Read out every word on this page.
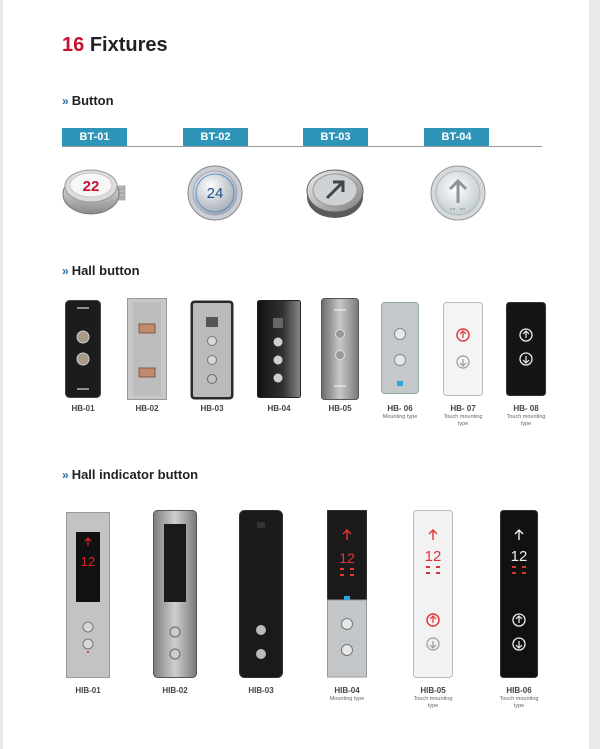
16 Fixtures
» Button
BT-01	BT-02	BT-03	BT-04
22	24
» Hall button
HB-01	HB-02	HB-03	HB-04	HB-05	HB- 06
Mounting type
HB- 07
Touch mounting type
HB- 08
Touch mounting type
» Hall indicator button
12	12	12	12
HIB-01	HIB-02	HIB-03	HIB-04
Mounting type
HIB-05
Touch mounting type
HIB-06
Touch mounting type
